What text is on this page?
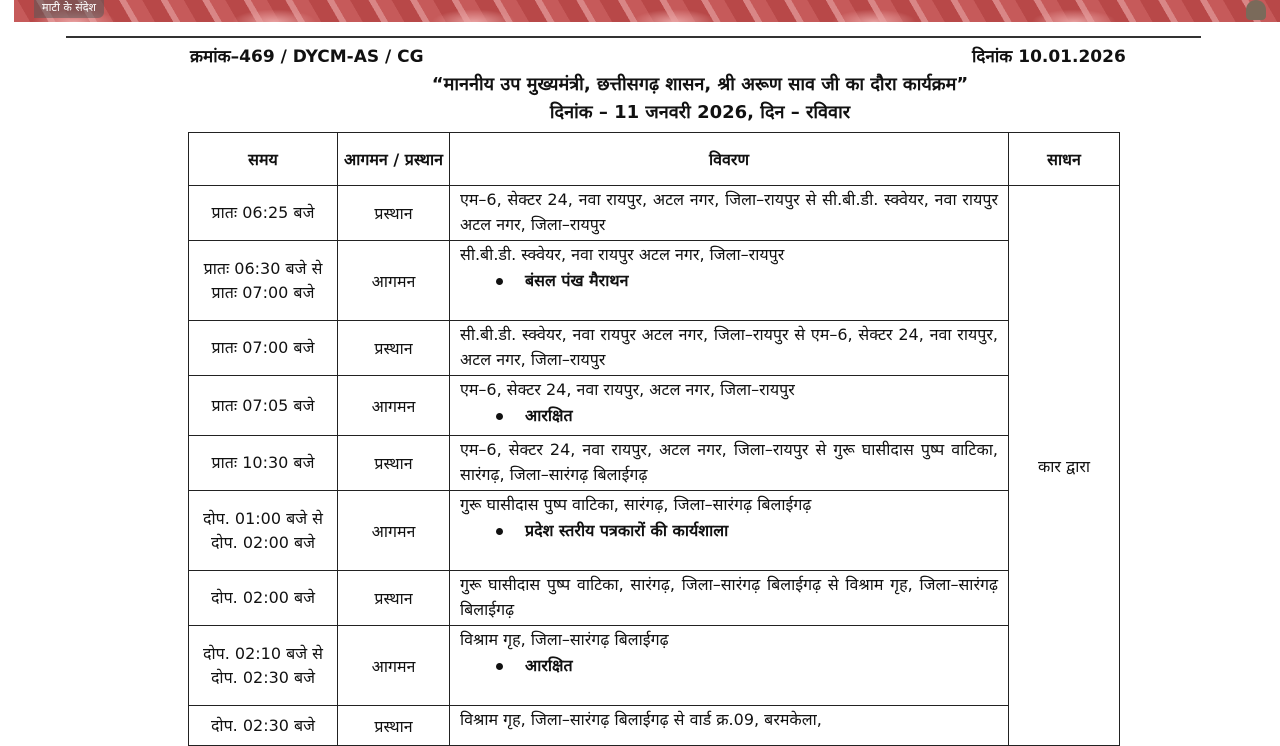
माटी के संदेश
क्रमांक–469 / DYCM-AS / CG	दिनांक 10.01.2026
“माननीय उप मुख्यमंत्री, छत्तीसगढ़ शासन, श्री अरूण साव जी का दौरा कार्यक्रम”
दिनांक – 11 जनवरी 2026, दिन – रविवार
समय	आगमन / प्रस्थान	विवरण	साधन
प्रातः 06:25 बजे	प्रस्थान	एम–6, सेक्टर 24, नवा रायपुर, अटल नगर, जिला–रायपुर से सी.बी.डी. स्क्वेयर, नवा रायपुर अटल नगर, जिला–रायपुर	कार द्वारा
प्रातः 06:30 बजे से प्रातः 07:00 बजे	आगमन	सी.बी.डी. स्क्वेयर, नवा रायपुर अटल नगर, जिला–रायपुर
बंसल पंख मैराथन	

प्रातः 07:00 बजे	प्रस्थान	सी.बी.डी. स्क्वेयर, नवा रायपुर अटल नगर, जिला–रायपुर से एम–6, सेक्टर 24, नवा रायपुर, अटल नगर, जिला–रायपुर	
प्रातः 07:05 बजे	आगमन	एम–6, सेक्टर 24, नवा रायपुर, अटल नगर, जिला–रायपुर
आरक्षित	

प्रातः 10:30 बजे	प्रस्थान	एम–6, सेक्टर 24, नवा रायपुर, अटल नगर, जिला–रायपुर से गुरू घासीदास पुष्प वाटिका, सारंगढ़, जिला–सारंगढ़ बिलाईगढ़	
दोप. 01:00 बजे से दोप. 02:00 बजे	आगमन	गुरू घासीदास पुष्प वाटिका, सारंगढ़, जिला–सारंगढ़ बिलाईगढ़
प्रदेश स्तरीय पत्रकारों की कार्यशाला	

दोप. 02:00 बजे	प्रस्थान	गुरू घासीदास पुष्प वाटिका, सारंगढ़, जिला–सारंगढ़ बिलाईगढ़ से विश्राम गृह, जिला–सारंगढ़ बिलाईगढ़	
दोप. 02:10 बजे से दोप. 02:30 बजे	आगमन	विश्राम गृह, जिला–सारंगढ़ बिलाईगढ़
आरक्षित	

दोप. 02:30 बजे	प्रस्थान	विश्राम गृह, जिला–सारंगढ़ बिलाईगढ़ से वार्ड क्र.09, बरमकेला,	
